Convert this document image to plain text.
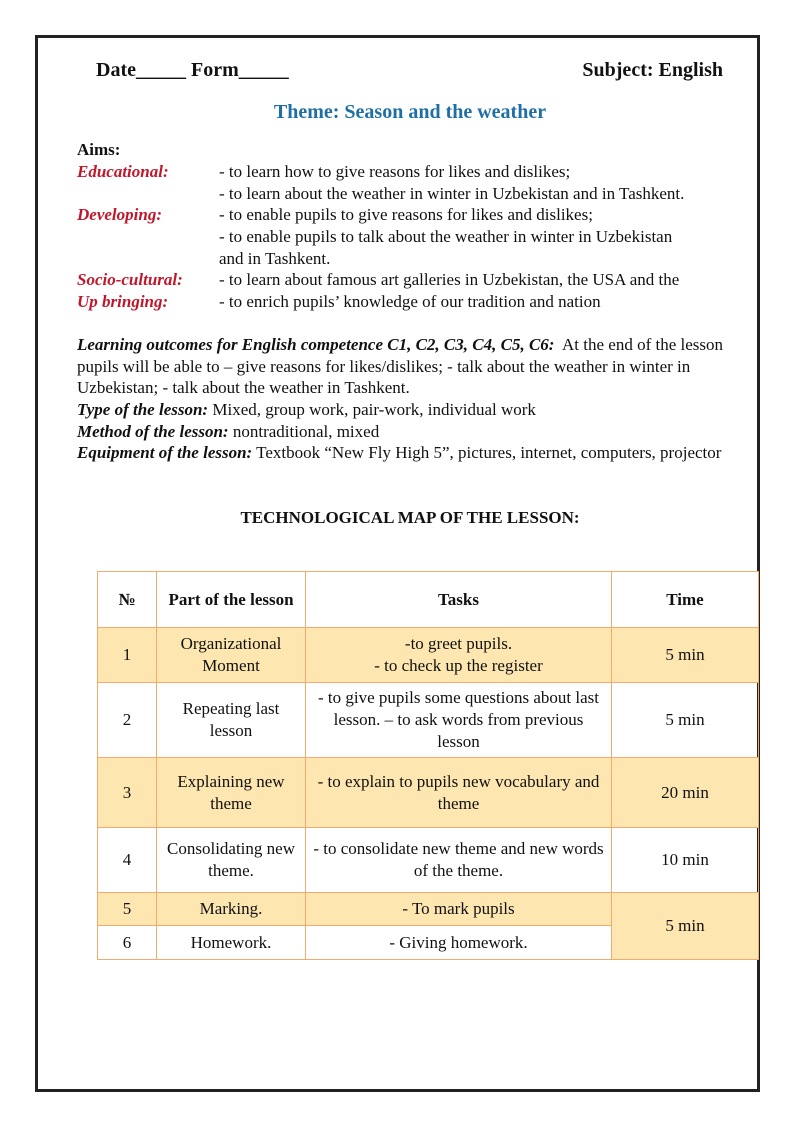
Date_____ Form_____	Subject: English
Theme: Season and the weather
Aims:
Educational:	- to learn how to give reasons for likes and dislikes;
- to learn about the weather in winter in Uzbekistan and in Tashkent.
Developing:	- to enable pupils to give reasons for likes and dislikes;
- to enable pupils to talk about the weather in winter in Uzbekistan
and in Tashkent.
Socio-cultural: - to learn about famous art galleries in Uzbekistan, the USA and the
Up bringing:	- to enrich pupils’ knowledge of our tradition and nation
Learning outcomes for English competence C1, C2, C3, C4, C5, C6: At the end of the lesson pupils will be able to – give reasons for likes/dislikes; - talk about the weather in winter in Uzbekistan; - talk about the weather in Tashkent.
Type of the lesson: Mixed, group work, pair-work, individual work
Method of the lesson: nontraditional, mixed
Equipment of the lesson: Textbook “New Fly High 5”, pictures, internet, computers, projector
TECHNOLOGICAL MAP OF THE LESSON:
№	Part of the lesson	Tasks	Time
1	Organizational Moment	-to greet pupils.
- to check up the register	5 min
2	Repeating last lesson	- to give pupils some questions about last lesson. – to ask words from previous lesson	5 min
3	Explaining new theme	- to explain to pupils new vocabulary and theme	20 min
4	Consolidating new theme.	- to consolidate new theme and new words of the theme.	10 min
5	Marking.	- To mark pupils	5 min
6	Homework.	- Giving homework.	
